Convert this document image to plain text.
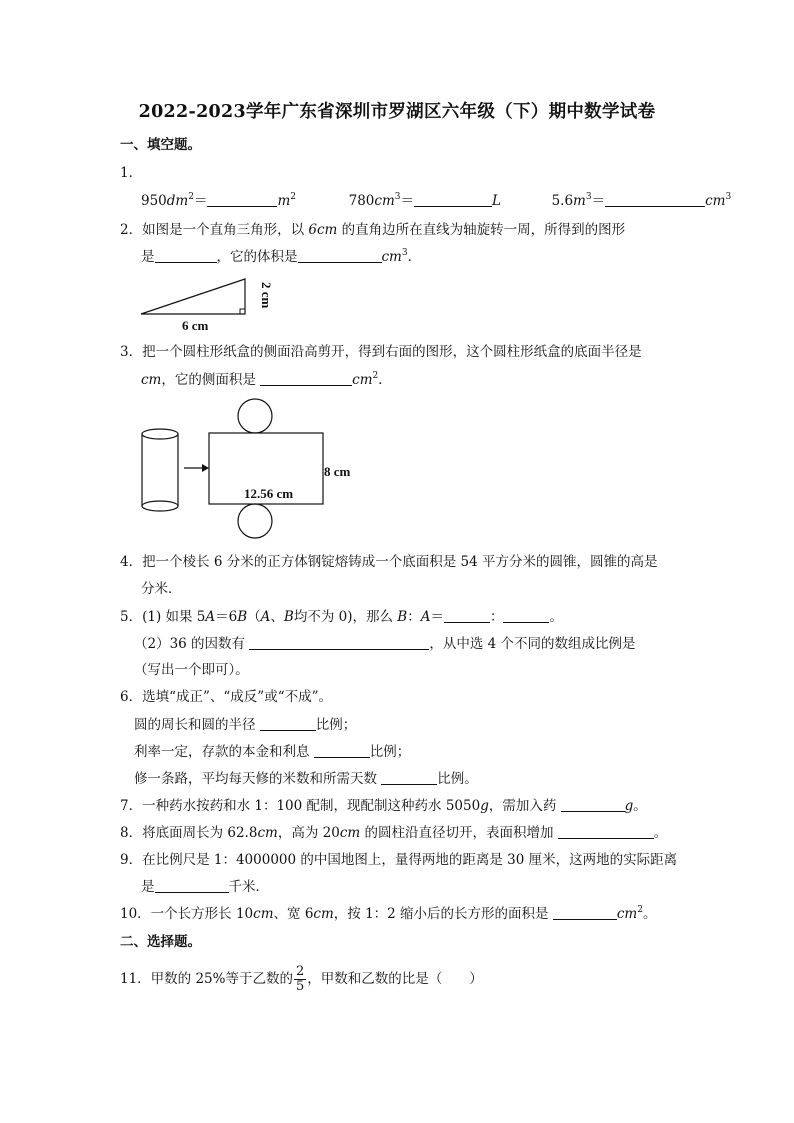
2022-2023学年广东省深圳市罗湖区六年级（下）期中数学试卷
一、填空题。
1．
$950dm^2=$	$m^2$	$780cm^3=$	L	$5.6m^3=$	$cm^3$
2．如图是一个直角三角形，以 6cm 的直角边所在直线为轴旋转一周，所得到的图形
是	，它的体积是	$cm^3$．
6 cm
2 cm
3．把一个圆柱形纸盒的侧面沿高剪开，得到右面的图形，这个圆柱形纸盒的底面半径是
cm，它的侧面积是	$cm^2$．
12.56 cm
8 cm
4．把一个棱长 6 分米的正方体钢锭熔铸成一个底面积是 54 平方分米的圆锥，圆锥的高是
分米．
5．(1) 如果 5A＝6B（A、B均不为 0)，那么 B：A＝	：	。
（2）36 的因数有	，从中选 4 个不同的数组成比例是
（写出一个即可）。
6．选填“成正”、“成反”或“不成”。
圆的周长和圆的半径	比例；
利率一定，存款的本金和利息	比例；
修一条路，平均每天修的米数和所需天数	比例。
7．一种药水按药和水 1：100 配制，现配制这种药水 5050g，需加入药	g。
8．将底面周长为 62.8cm，高为 20cm 的圆柱沿直径切开，表面积增加	。
9．在比例尺是 1：4000000 的中国地图上，量得两地的距离是 30 厘米，这两地的实际距离
是	千米．
10．一个长方形长 10cm、宽 6cm，按 1：2 缩小后的长方形的面积是	$cm^2$。
二、选择题。
11．甲数的 25%等于乙数的 $\frac{2}{5}$ ，甲数和乙数的比是（　　）
